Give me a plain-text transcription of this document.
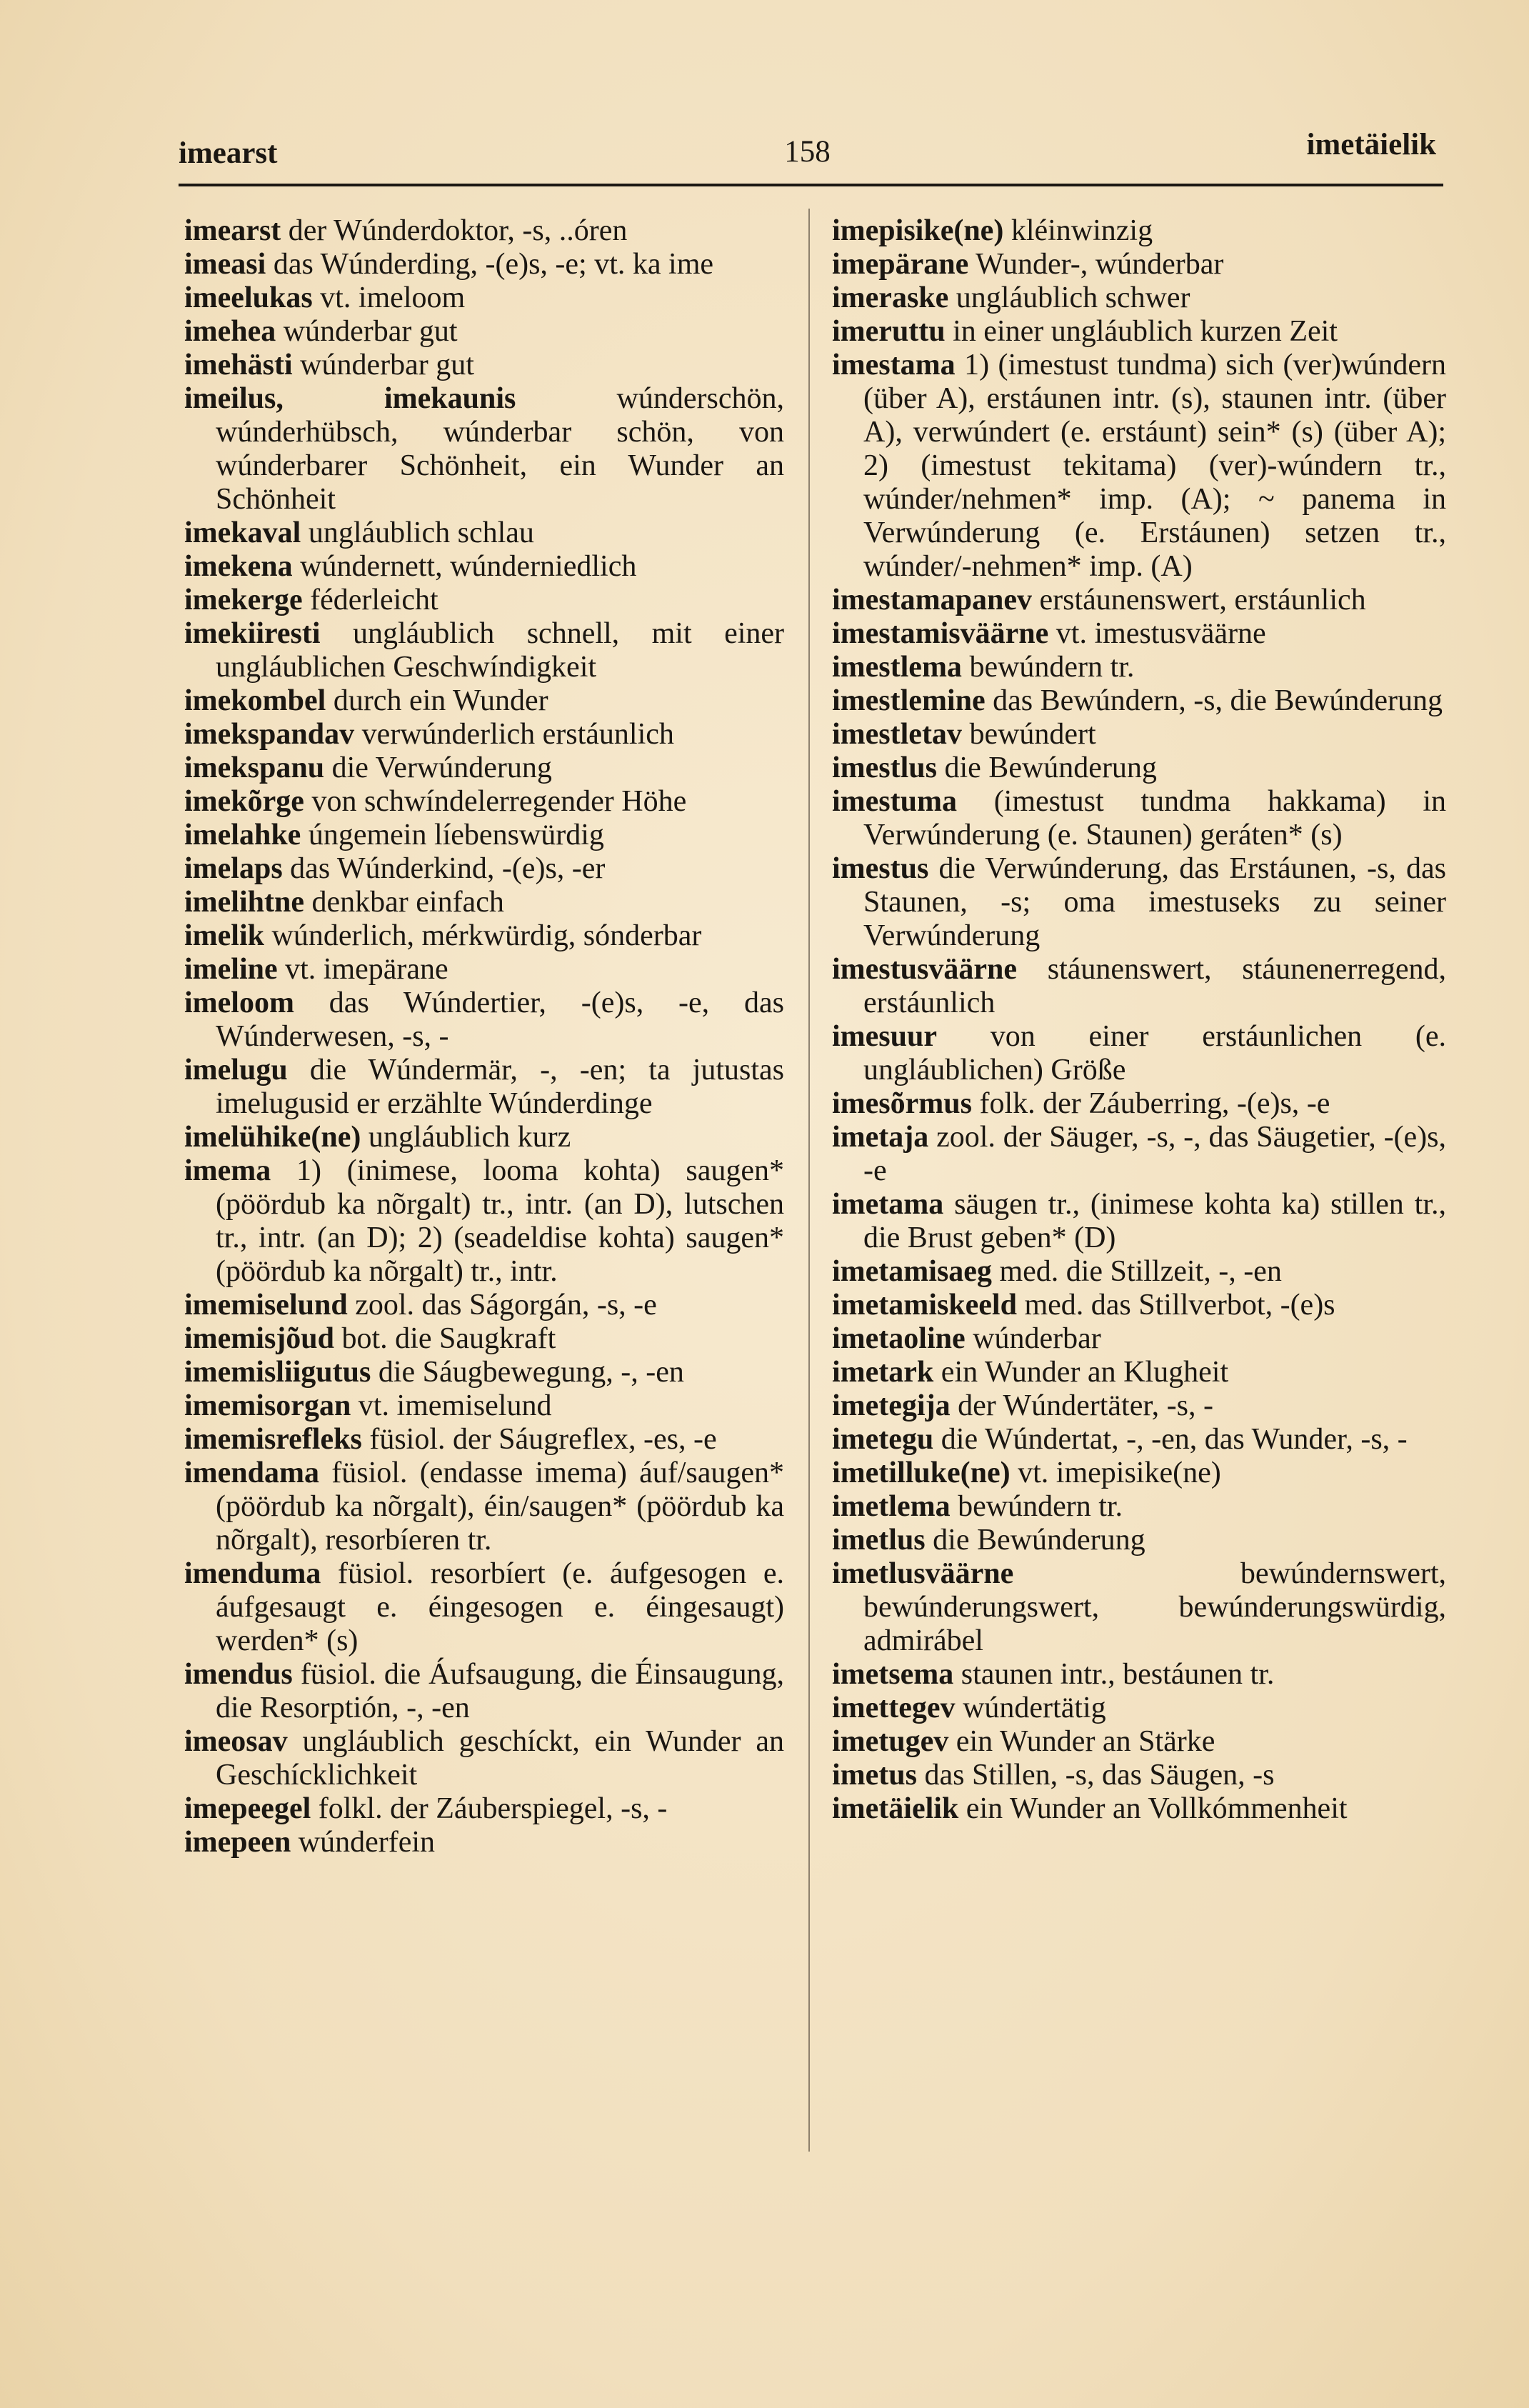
imearst	158	imetäielik

imearst der Wúnderdoktor, -s, ..óren

imeasi das Wúnderding, -(e)s, -e; vt. ka ime

imeelukas vt. imeloom

imehea wúnderbar gut

imehästi wúnderbar gut

imeilus, imekaunis	wúnderschön, wúnderhübsch, wúnderbar schön, von wúnderbarer Schönheit, ein Wunder an Schönheit

imekaval ungláublich schlau

imekena wúndernett, wúnderniedlich

imekerge féderleicht

imekiiresti ungláublich schnell, mit einer ungláublichen Geschwíndigkeit

imekombel durch ein Wunder

imekspandav verwúnderlich erstáunlich

imekspanu die Verwúnderung

imekõrge von schwíndelerregender Höhe

imelahke úngemein líebenswürdig

imelaps das Wúnderkind, -(e)s, -er

imelihtne denkbar einfach

imelik wúnderlich, mérkwürdig, sónderbar

imeline vt. imepärane

imeloom das Wúndertier, -(e)s, -e, das Wúnderwesen, -s, -

imelugu die Wúndermär, -, -en; ta jutustas imelugusid er erzählte Wúnderdinge

imelühike(ne) ungláublich kurz

imema 1) (inimese, looma kohta) saugen* (pöördub ka nõrgalt) tr., intr. (an D), lutschen tr., intr. (an D); 2) (seadeldise kohta) saugen* (pöördub ka nõrgalt) tr., intr.

imemiselund zool. das Ságorgán, -s, -e

imemisjõud bot. die Saugkraft

imemisliigutus die Sáugbewegung, -, -en

imemisorgan vt. imemiselund

imemisrefleks füsiol. der Sáugreflex, -es, -e

imendama füsiol. (endasse imema) áuf/saugen* (pöördub ka nõrgalt), éin/saugen* (pöördub ka nõrgalt), resorbíeren tr.

imenduma füsiol. resorbíert (e. áufgesogen e. áufgesaugt e. éingesogen e. éingesaugt) werden* (s)

imendus füsiol. die Áufsaugung, die Éinsaugung, die Resorptión, -, -en

imeosav ungláublich geschíckt, ein Wunder an Geschícklichkeit

imepeegel folkl. der Záuberspiegel, -s, -

imepeen wúnderfein

imepisike(ne) kléinwinzig

imepärane Wunder-, wúnderbar

imeraske ungláublich schwer

imeruttu in einer ungláublich kurzen Zeit

imestama 1) (imestust tundma) sich (ver)wúndern (über A), erstáunen intr. (s), staunen intr. (über A), verwúndert (e. erstáunt) sein* (s) (über A); 2) (imestust tekitama) (ver)-wúndern tr., wúnder/nehmen* imp. (A); ~ panema in Verwúnderung (e. Erstáunen) setzen tr., wúnder/-nehmen* imp. (A)

imestamapanev erstáunenswert, erstáunlich

imestamisväärne vt. imestusväärne

imestlema bewúndern tr.

imestlemine das Bewúndern, -s, die Bewúnderung

imestletav bewúndert

imestlus die Bewúnderung

imestuma (imestust tundma hakkama) in Verwúnderung (e. Staunen) geráten* (s)

imestus die Verwúnderung, das Erstáunen, -s, das Staunen, -s; oma imestuseks zu seiner Verwúnderung

imestusväärne stáunenswert, stáunenerregend, erstáunlich

imesuur von einer erstáunlichen (e. ungláublichen) Größe

imesõrmus folk. der Záuberring, -(e)s, -e

imetaja zool. der Säuger, -s, -, das Säugetier, -(e)s, -e

imetama säugen tr., (inimese kohta ka) stillen tr., die Brust geben* (D)

imetamisaeg med. die Stillzeit, -, -en

imetamiskeeld med. das Stillverbot, -(e)s

imetaoline wúnderbar

imetark ein Wunder an Klugheit

imetegija der Wúndertäter, -s, -

imetegu die Wúndertat, -, -en, das Wunder, -s, -

imetilluke(ne) vt. imepisike(ne)

imetlema bewúndern tr.

imetlus die Bewúnderung

imetlusväärne	bewúndernswert, bewúnderungswert, bewúnderungswürdig, admirábel

imetsema staunen intr., bestáunen tr.

imettegev wúndertätig

imetugev ein Wunder an Stärke

imetus das Stillen, -s, das Säugen, -s

imetäielik ein Wunder an Vollkómmenheit
